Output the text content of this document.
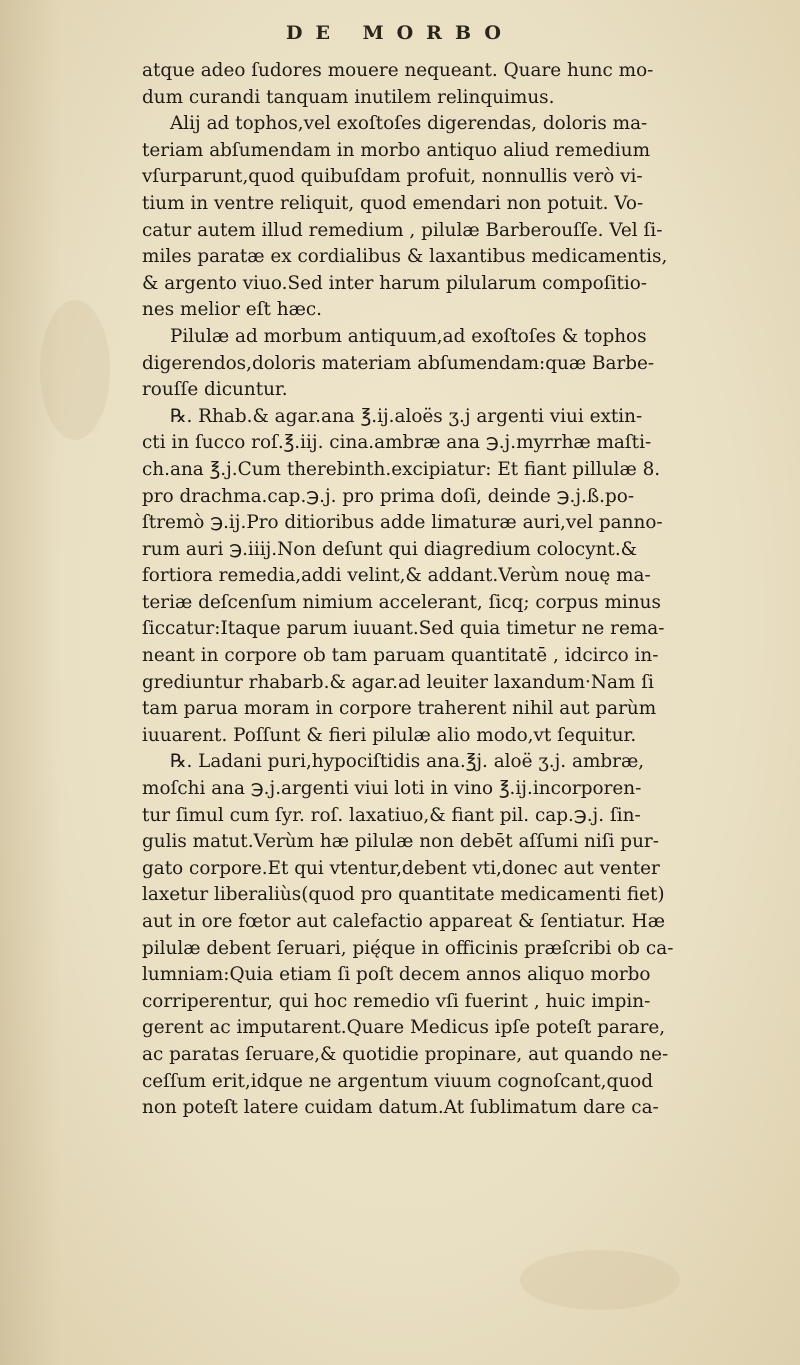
DE MORBO
atque adeo ſudores mouere nequeant. Quare hunc mo-
dum curandi tanquam inutilem relinquimus.
Alij ad tophos,vel exoſtoſes digerendas, doloris ma-
teriam abſumendam in morbo antiquo aliud remedium
vſurparunt,quod quibuſdam profuit, nonnullis verò vi-
tium in ventre reliquit, quod emendari non potuit. Vo-
catur autem illud remedium , pilulæ Barberouſſe. Vel ſi-
miles paratæ ex cordialibus & laxantibus medicamentis,
& argento viuo.Sed inter harum pilularum compoſitio-
nes melior eſt hæc.
Pilulæ ad morbum antiquum,ad exoſtoſes & tophos
digerendos,doloris materiam abſumendam:quæ Barbe-
rouſſe dicuntur.
℞. Rhab.& agar.ana ℥.ij.aloës ʒ.j argenti viui extin-
cti in ſucco roſ.℥.iij. cina.ambræ ana ℈.j.myrrhæ maſti-
ch.ana ℥.j.Cum therebinth.excipiatur: Et fiant pillulæ 8.
pro drachma.cap.℈.j. pro prima doſi, deinde ℈.j.ß.po-
ſtremò ℈.ij.Pro ditioribus adde limaturæ auri,vel panno-
rum auri ℈.iiij.Non deſunt qui diagredium colocynt.&
fortiora remedia,addi velint,& addant.Verùm nouę ma-
teriæ deſcenſum nimium accelerant, ſicq; corpus minus
ſiccatur:Itaque parum iuuant.Sed quia timetur ne rema-
neant in corpore ob tam paruam quantitatē , idcirco in-
grediuntur rhabarb.& agar.ad leuiter laxandum·Nam ſi
tam parua moram in corpore traherent nihil aut parùm
iuuarent. Poſſunt & fieri pilulæ alio modo,vt ſequitur.
℞. Ladani puri,hypociſtidis ana.℥j. aloë ʒ.j. ambræ,
moſchi ana ℈.j.argenti viui loti in vino ℥.ij.incorporen-
tur ſimul cum ſyr. roſ. laxatiuo,& fiant pil. cap.℈.j. ſin-
gulis matut.Verùm hæ pilulæ non debēt aſſumi niſi pur-
gato corpore.Et qui vtentur,debent vti,donec aut venter
laxetur liberaliùs(quod pro quantitate medicamenti fiet)
aut in ore fœtor aut calefactio appareat & ſentiatur. Hæ
pilulæ debent ſeruari, pię́que in officinis præſcribi ob ca-
lumniam:Quia etiam ſi poſt decem annos aliquo morbo
corriperentur, qui hoc remedio vſi fuerint , huic impin-
gerent ac imputarent.Quare Medicus ipſe poteſt parare,
ac paratas ſeruare,& quotidie propinare, aut quando ne-
ceſſum erit,idque ne argentum viuum cognoſcant,quod
non poteſt latere cuidam datum.At ſublimatum dare ca-
